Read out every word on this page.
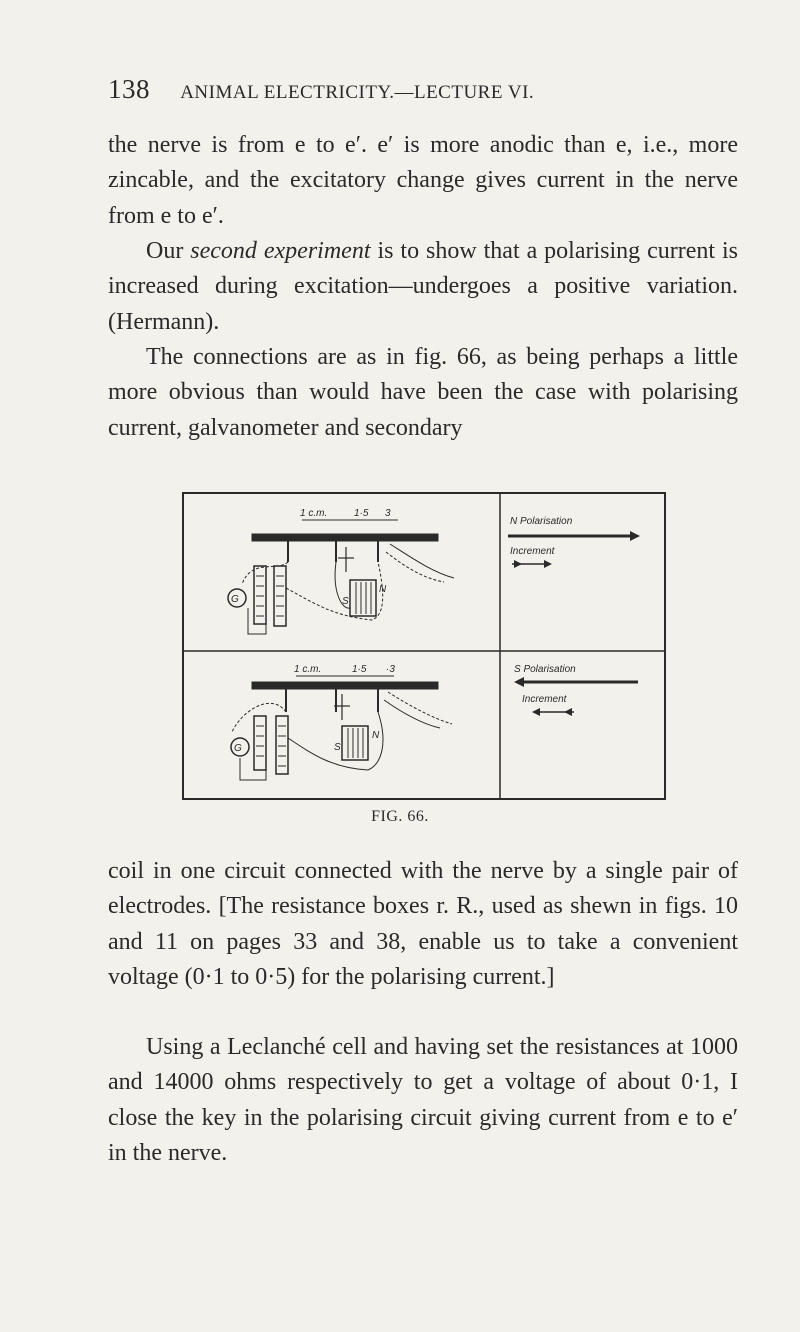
138 ANIMAL ELECTRICITY.—LECTURE VI.

the nerve is from e to e′. e′ is more anodic than e, i.e., more zincable, and the excitatory change gives current in the nerve from e to e′.

Our second experiment is to show that a polarising current is increased during excitation—undergoes a positive variation. (Hermann).

The connections are as in fig. 66, as being perhaps a little more obvious than would have been the case with polarising current, galvanometer and secondary

1 c.m.	1·5 3
G	S
N
N Polarisation
Increment
1 c.m.	1·5 ·3
G	S
N
S Polarisation
Increment
FIG. 66.

coil in one circuit connected with the nerve by a single pair of electrodes. [The resistance boxes r. R., used as shewn in figs. 10 and 11 on pages 33 and 38, enable us to take a convenient voltage (0·1 to 0·5) for the polarising current.]

Using a Leclanché cell and having set the resistances at 1000 and 14000 ohms respectively to get a voltage of about 0·1, I close the key in the polarising circuit giving current from e to e′ in the nerve.
